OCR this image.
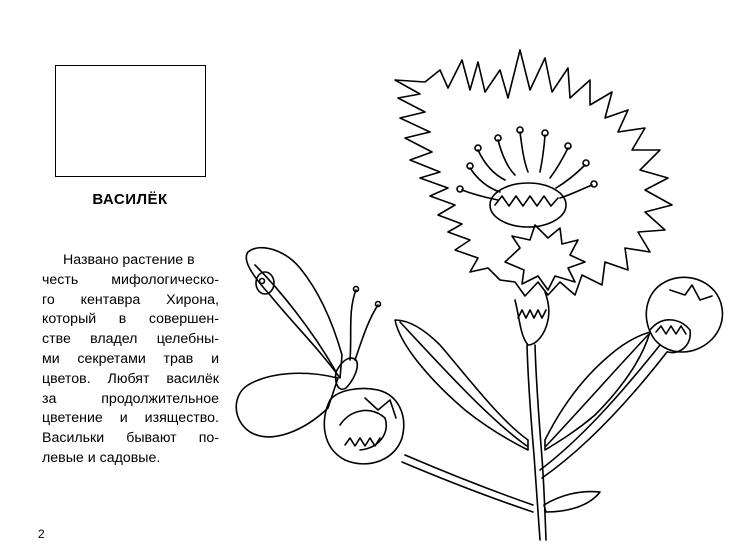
ВАСИЛЁК
Названо растение в
честь мифологическо-
го кентавра Хирона,
который в совершен-
стве владел целебны-
ми секретами трав и
цветов. Любят василёк
за продолжительное
цветение и изящество.
Васильки бывают по-
левые и садовые.
2
